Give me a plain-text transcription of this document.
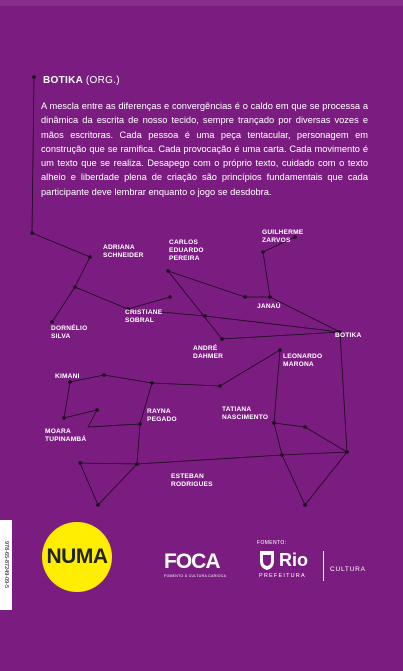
BOTIKA (ORG.)

A mescla entre as diferenças e convergências é o caldo em que se processa a dinâmica da escrita de nosso tecido, sempre trançado por diversas vozes e mãos escritoras. Cada pessoa é uma peça tentacular, personagem em construção que se ramifica. Cada provocação é uma carta. Cada movimento é um texto que se realiza. Desapego com o próprio texto, cuidado com o texto alheio e liberdade plena de criação são princípios fundamentais que cada participante deve lembrar enquanto o jogo se desdobra.

ADRIANA
SCHNEIDER
CARLOS
EDUARDO
PEREIRA
GUILHERME
ZARVOS
JANAÚ
CRISTIANE
SOBRAL
DORNÉLIO
SILVA	BOTIKA
ANDRÉ
DAHMER	LEONARDO
MARONA
KIMANI
RAYNA
PEGADO
TATIANA
NASCIMENTO
MOARA
TUPINAMBÁ
ESTEBAN
RODRIGUES
978-65-87249-09-5 NUMA	FOCA
FOMENTO À CULTURA CARIOCA
FOMENTO:
Rio
PREFEITURA
CULTURA
